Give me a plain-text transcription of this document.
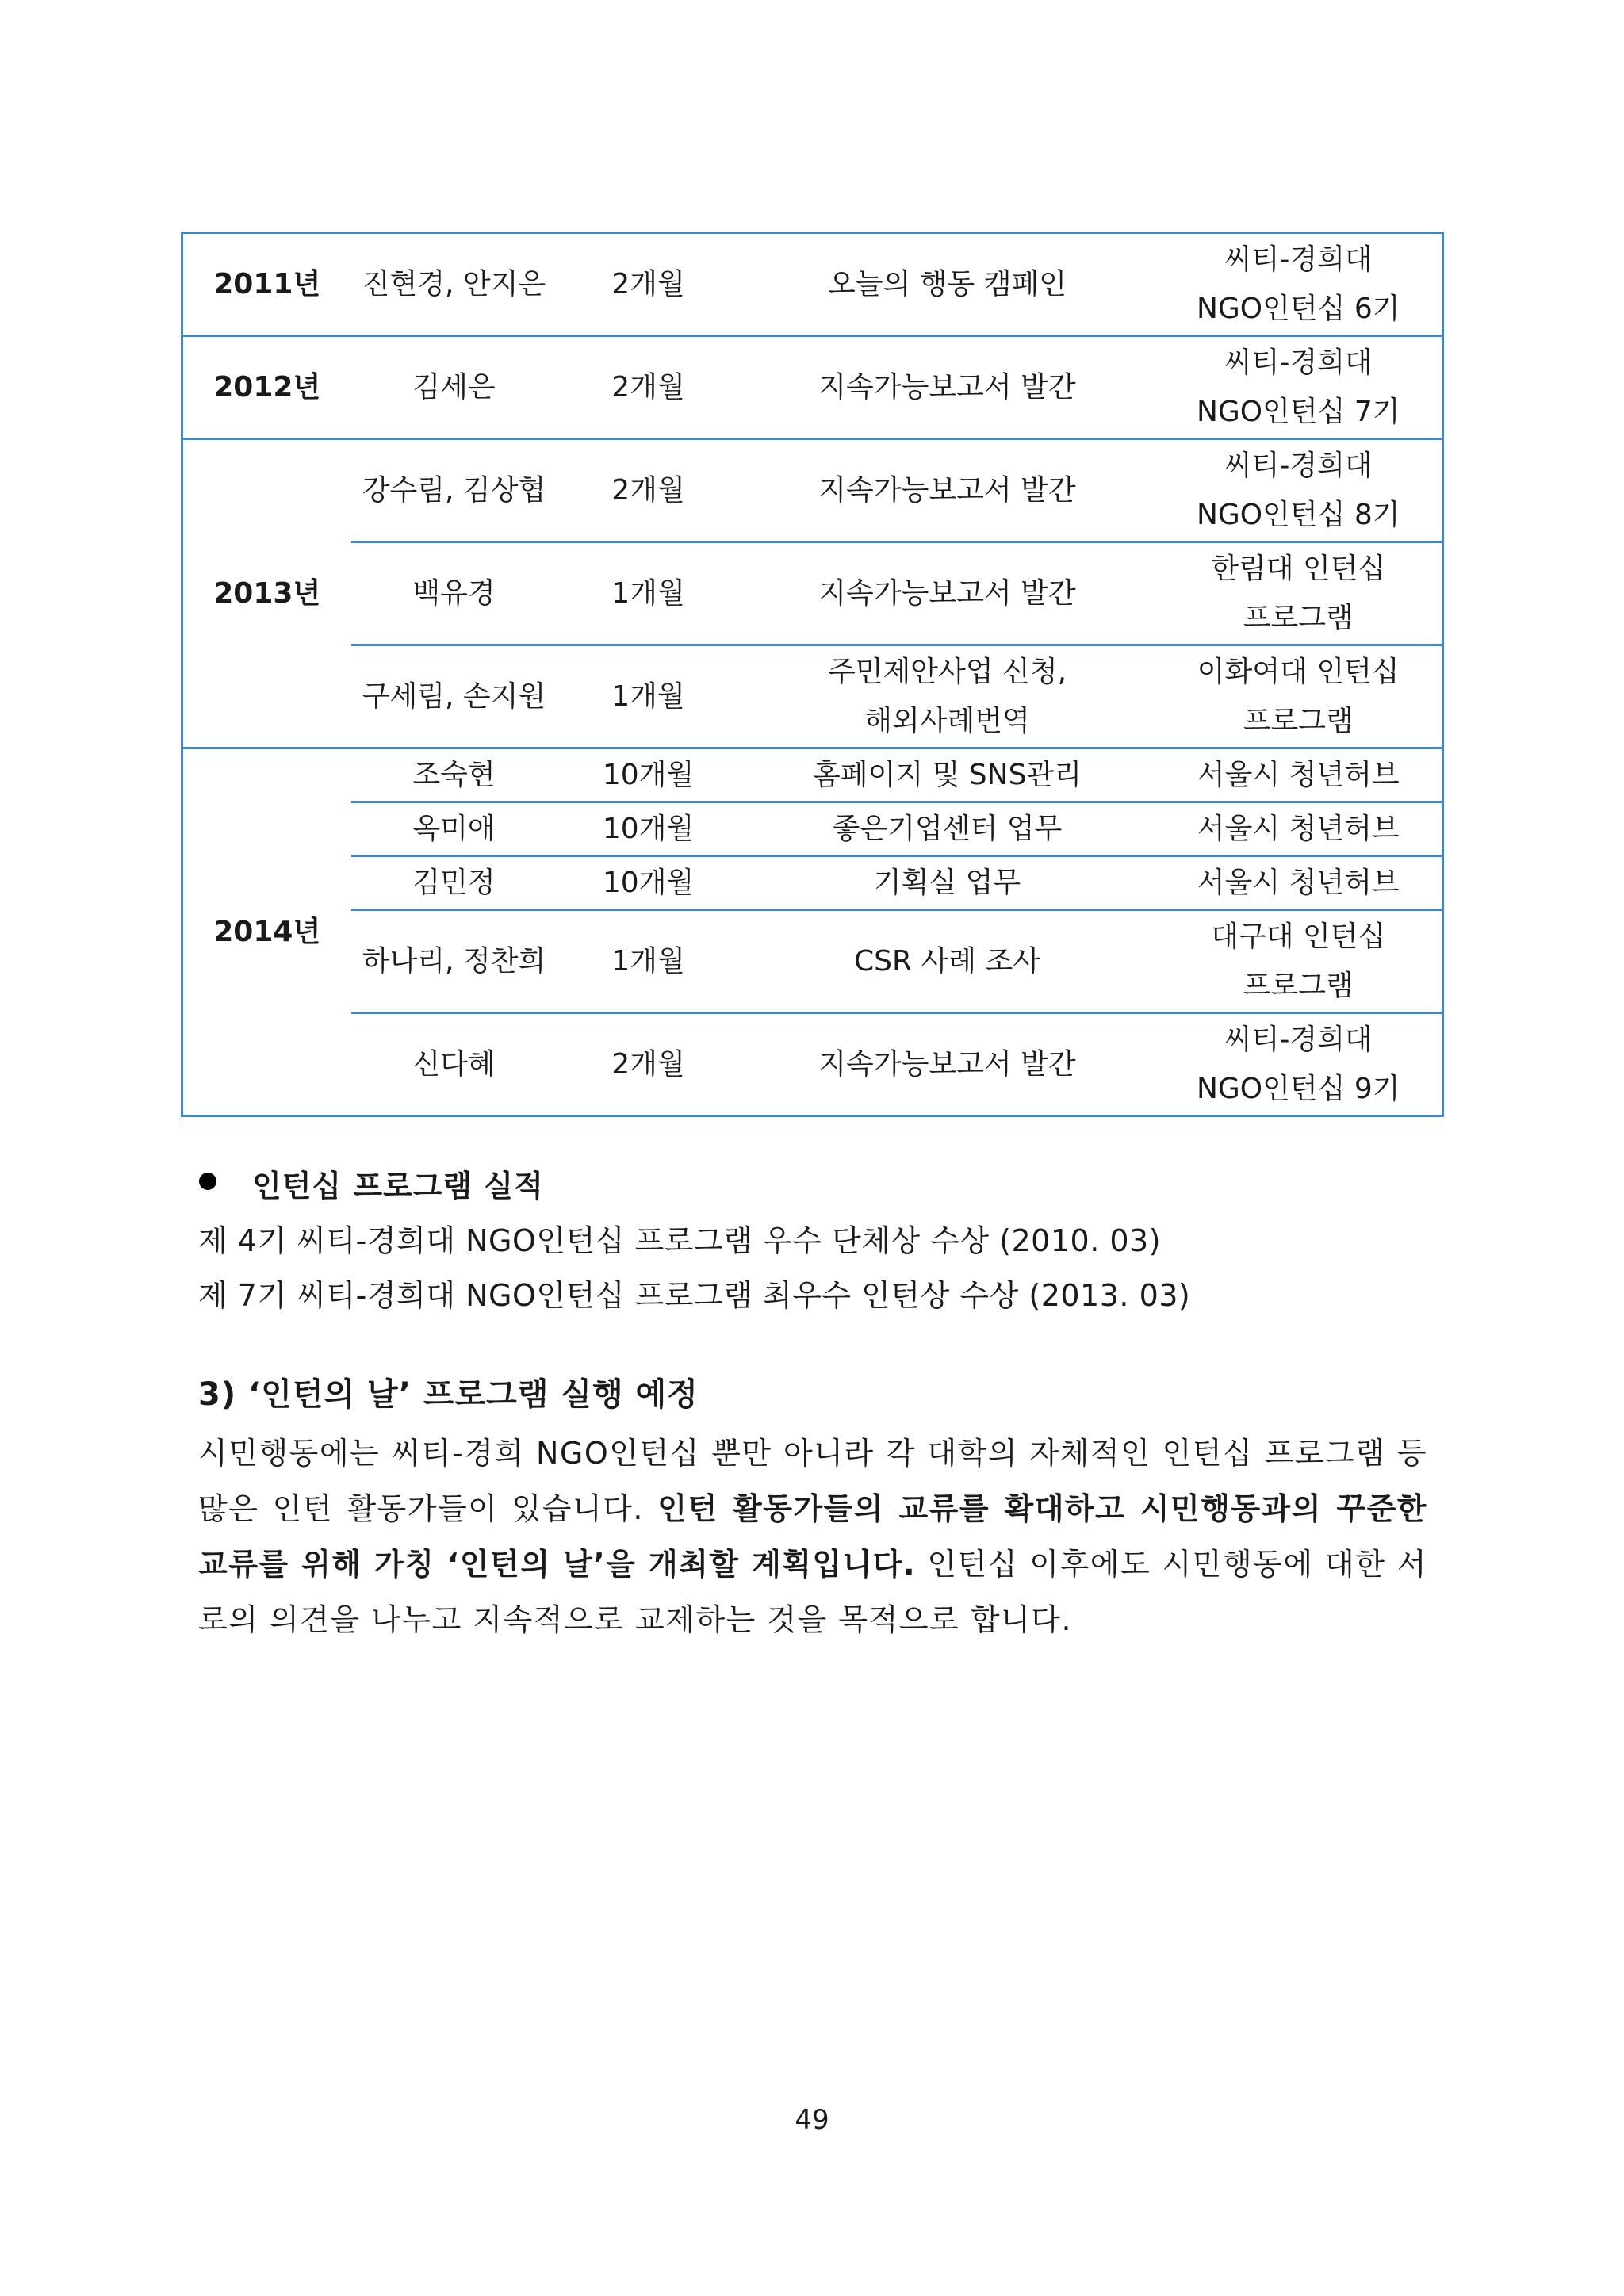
2011년	진현경, 안지은	2개월	오늘의 행동 캠페인	씨티-경희대
NGO인턴십 6기

2012년	김세은	2개월	지속가능보고서 발간	씨티-경희대
NGO인턴십 7기

2013년	강수림, 김상협	2개월	지속가능보고서 발간	씨티-경희대
NGO인턴십 8기

	백유경	1개월	지속가능보고서 발간	한림대 인턴십
프로그램

	구세림, 손지원	1개월	주민제안사업 신청,
해외사례번역	이화여대 인턴십
프로그램

2014년	조숙현	10개월	홈페이지 및 SNS관리	서울시 청년허브
	옥미애	10개월	좋은기업센터 업무	서울시 청년허브
	김민정	10개월	기획실 업무	서울시 청년허브
	하나리, 정찬희	1개월	CSR 사례 조사	대구대 인턴십
프로그램

	신다혜	2개월	지속가능보고서 발간	씨티-경희대
NGO인턴십 9기
인턴십 프로그램 실적
제 4기 씨티-경희대 NGO인턴십 프로그램 우수 단체상 수상 (2010. 03)
제 7기 씨티-경희대 NGO인턴십 프로그램 최우수 인턴상 수상 (2013. 03)
3) ‘인턴의 날’ 프로그램 실행 예정
시민행동에는 씨티-경희 NGO인턴십 뿐만 아니라 각 대학의 자체적인 인턴십 프로그램 등 많은 인턴 활동가들이 있습니다. 인턴 활동가들의 교류를 확대하고 시민행동과의 꾸준한 교류를 위해 가칭 ‘인턴의 날’을 개최할 계획입니다. 인턴십 이후에도 시민행동에 대한 서로의 의견을 나누고 지속적으로 교제하는 것을 목적으로 합니다.
49
